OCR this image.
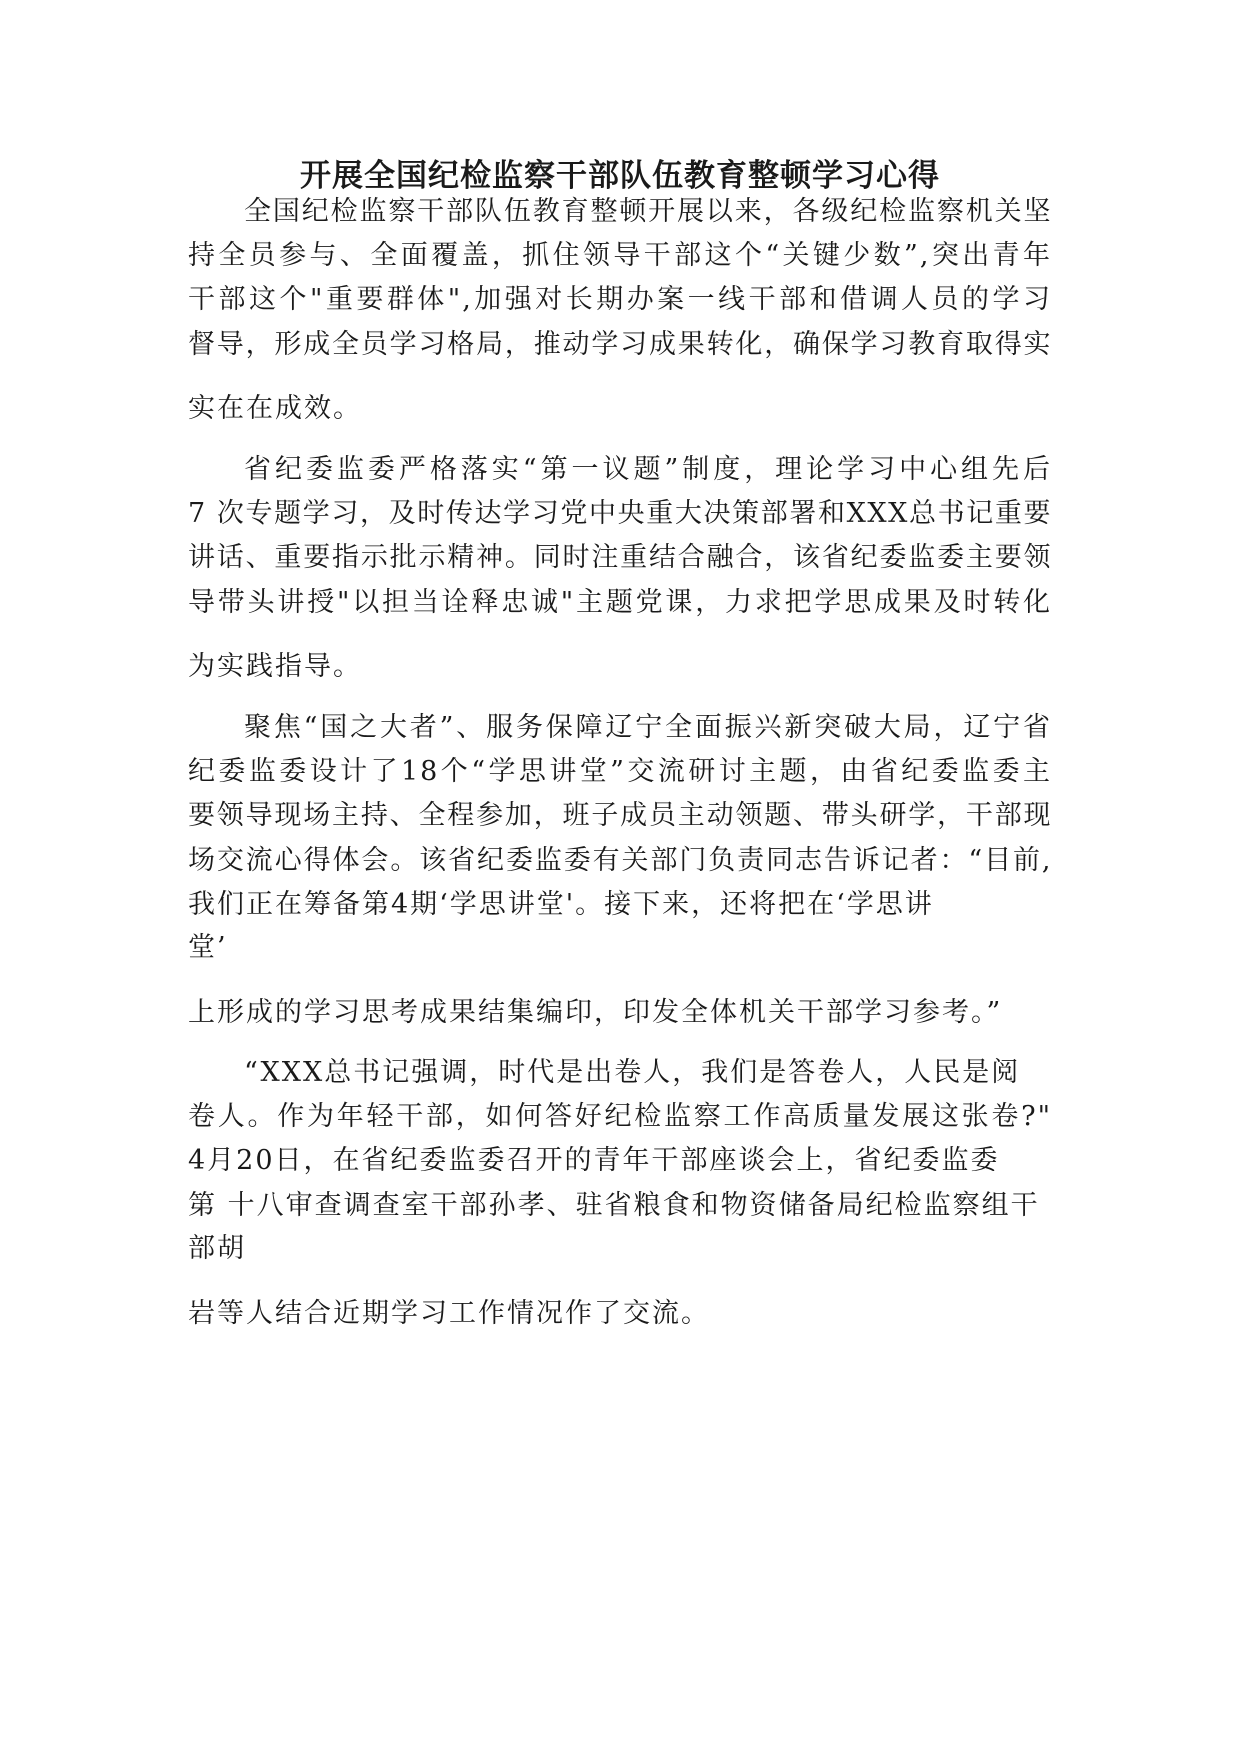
开展全国纪检监察干部队伍教育整顿学习心得
全国纪检监察干部队伍教育整顿开展以来，各级纪检监察机关坚
持全员参与、全面覆盖，抓住领导干部这个“关键少数”,突出青年
干部这个"重要群体",加强对长期办案一线干部和借调人员的学习
督导，形成全员学习格局，推动学习成果转化，确保学习教育取得实
实在在成效。
省纪委监委严格落实“第一议题”制度，理论学习中心组先后
7 次专题学习，及时传达学习党中央重大决策部署和XXX总书记重要
讲话、重要指示批示精神。同时注重结合融合，该省纪委监委主要领
导带头讲授"以担当诠释忠诚"主题党课，力求把学思成果及时转化
为实践指导。
聚焦“国之大者”、服务保障辽宁全面振兴新突破大局，辽宁省
纪委监委设计了18个“学思讲堂”交流研讨主题，由省纪委监委主
要领导现场主持、全程参加，班子成员主动领题、带头研学，干部现
场交流心得体会。该省纪委监委有关部门负责同志告诉记者：“目前,
我们正在筹备第4期‘学思讲堂'。接下来，还将把在‘学思讲
堂’
上形成的学习思考成果结集编印，印发全体机关干部学习参考。”
“XXX总书记强调，时代是出卷人，我们是答卷人，人民是阅
卷人。作为年轻干部，如何答好纪检监察工作高质量发展这张卷?"
4月20日，在省纪委监委召开的青年干部座谈会上，省纪委监委
第 十八审查调查室干部孙孝、驻省粮食和物资储备局纪检监察组干
部胡
岩等人结合近期学习工作情况作了交流。
